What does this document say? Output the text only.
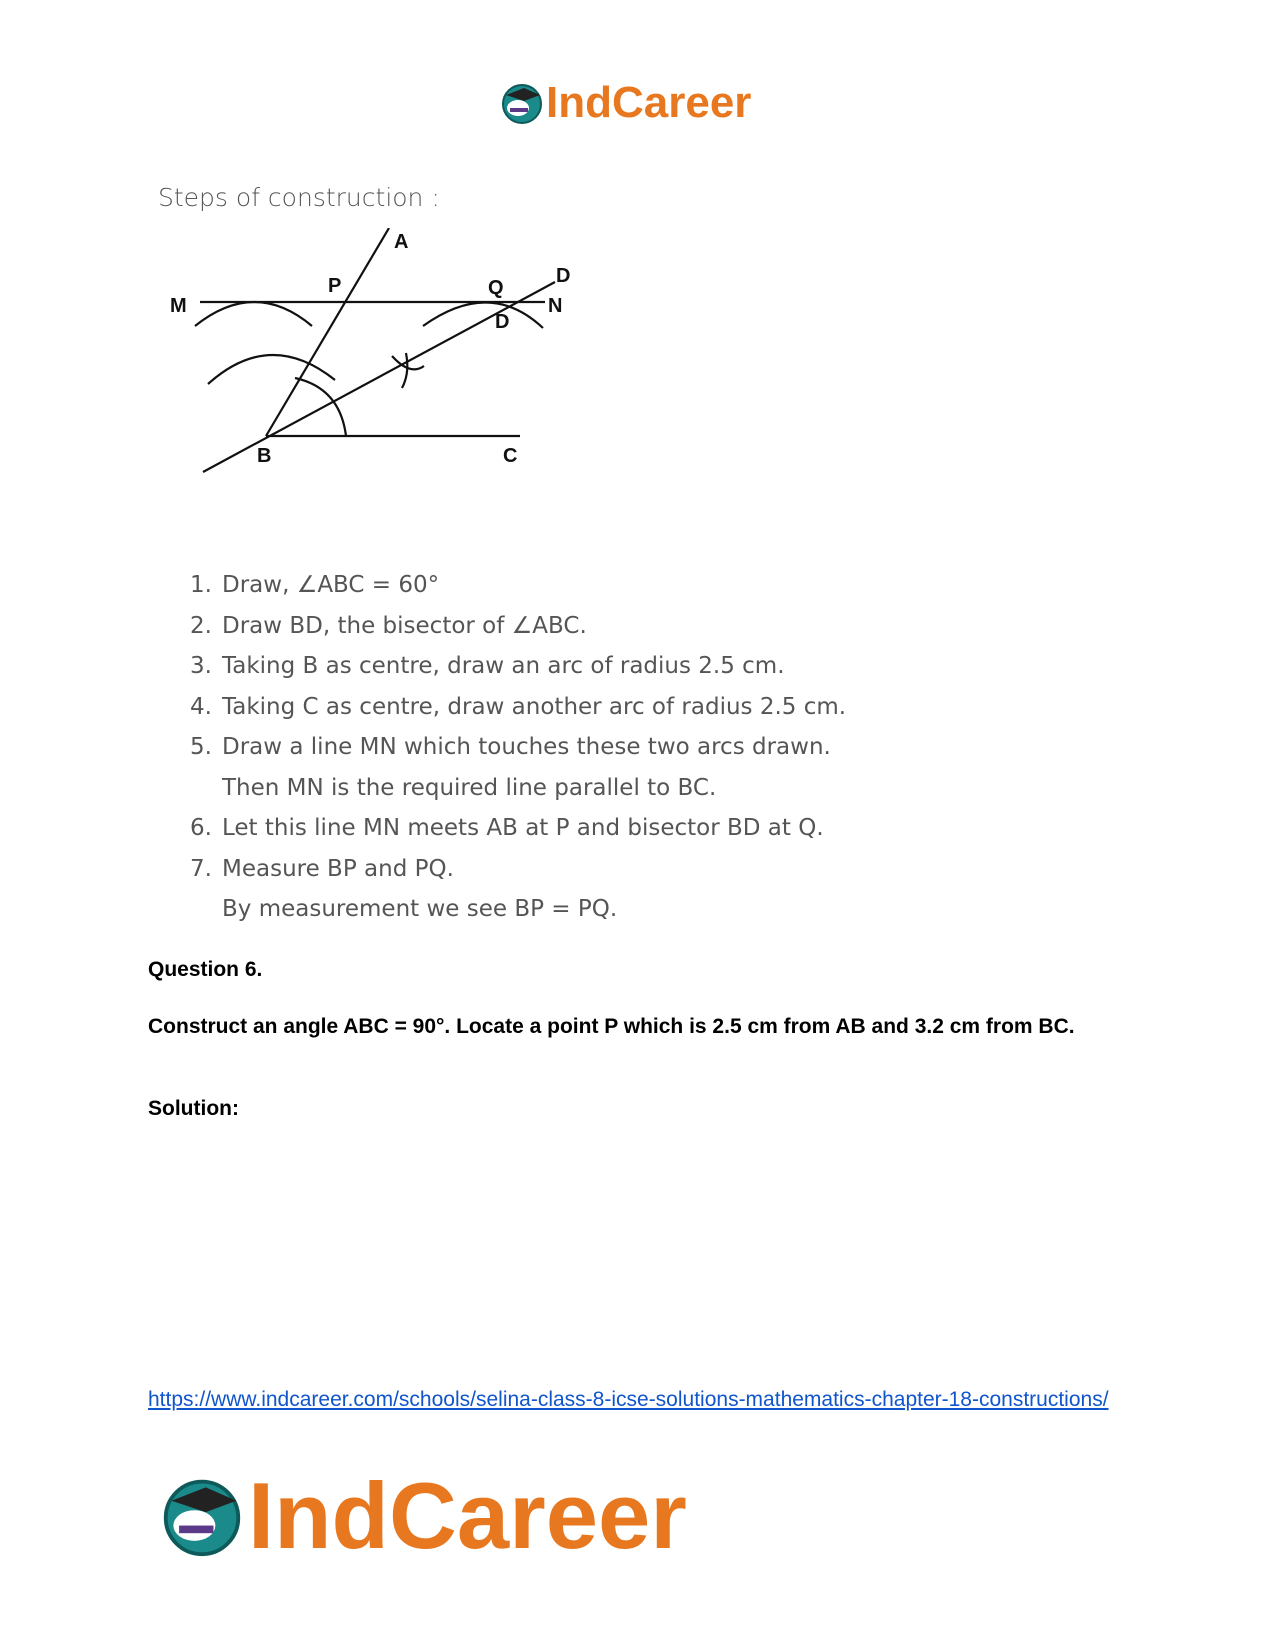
IndCareer
Steps of construction :
A
P	Q
D
D
M	N
B	C
1. Draw, ∠ABC = 60°
2. Draw BD, the bisector of ∠ABC.
3. Taking B as centre, draw an arc of radius 2.5 cm.
4. Taking C as centre, draw another arc of radius 2.5 cm.
5. Draw a line MN which touches these two arcs drawn.
Then MN is the required line parallel to BC.
6. Let this line MN meets AB at P and bisector BD at Q.
7. Measure BP and PQ.
By measurement we see BP = PQ.
Question 6.
Construct an angle ABC = 90°. Locate a point P which is 2.5 cm from AB and 3.2 cm from BC.
Solution:
https://www.indcareer.com/schools/selina-class-8-icse-solutions-mathematics-chapter-18-constructions/
IndCareer
